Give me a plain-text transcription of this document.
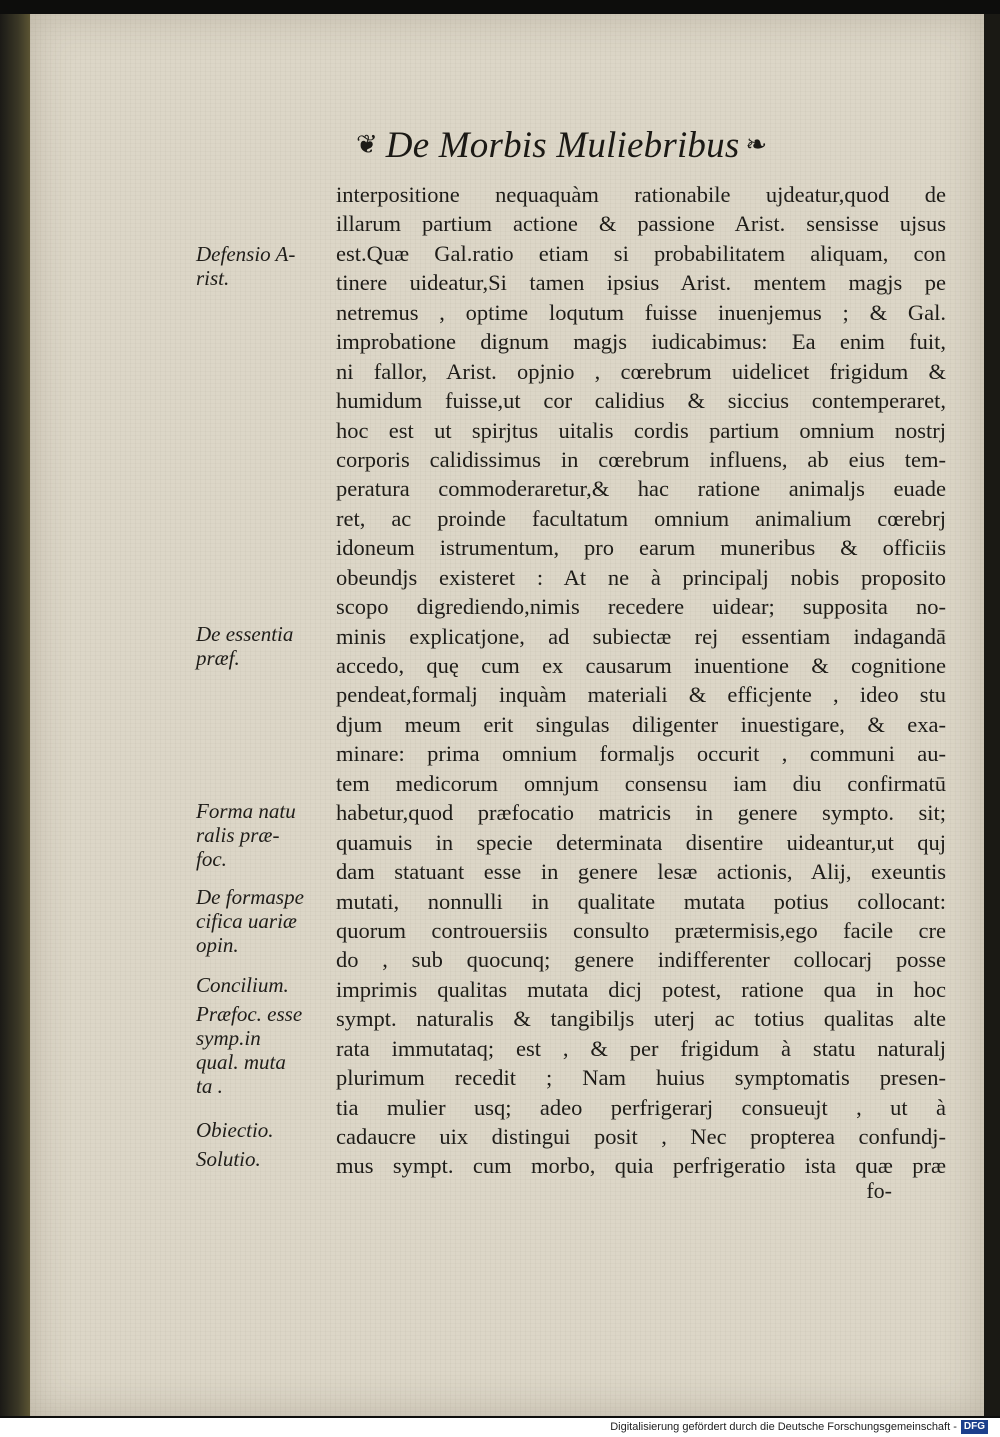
❦ De Morbis Muliebribus ❧
interpositione nequaquàm rationabile ujdeatur,quod de
illarum partium actione & passione Arist. sensisse ujsus
est.Quæ Gal.ratio etiam si probabilitatem aliquam, con
tinere uideatur,Si tamen ipsius Arist. mentem magjs pe
netremus , optime loqutum fuisse inuenjemus ; & Gal.
improbatione dignum magjs iudicabimus: Ea enim fuit,
ni fallor, Arist. opjnio , cœrebrum uidelicet frigidum &
humidum fuisse,ut cor calidius & siccius contemperaret,
hoc est ut spirjtus uitalis cordis partium omnium nostrj
corporis calidissimus in cœrebrum influens, ab eius tem-
peratura commoderaretur,& hac ratione animaljs euade
ret, ac proinde facultatum omnium animalium cœrebrj
idoneum istrumentum, pro earum muneribus & officiis
obeundjs existeret : At ne à principalj nobis proposito
scopo digrediendo,nimis recedere uidear; supposita no-
minis explicatjone, ad subiectæ rej essentiam indagandā
accedo, quę cum ex causarum inuentione & cognitione
pendeat,formalj inquàm materiali & efficjente , ideo stu
djum meum erit singulas diligenter inuestigare, & exa-
minare: prima omnium formaljs occurit , communi au-
tem medicorum omnjum consensu iam diu confirmatū
habetur,quod præfocatio matricis in genere sympto. sit;
quamuis in specie determinata disentire uideantur,ut quj
dam statuant esse in genere lesæ actionis, Alij, exeuntis
mutati, nonnulli in qualitate mutata potius collocant:
quorum controuersiis consulto prætermisis,ego facile cre
do , sub quocunq; genere indifferenter collocarj posse
imprimis qualitas mutata dicj potest, ratione qua in hoc
sympt. naturalis & tangibiljs uterj ac totius qualitas alte
rata immutataq; est , & per frigidum à statu naturalj
plurimum recedit ; Nam huius symptomatis presen-
tia mulier usq; adeo perfrigerarj consueujt , ut à
cadaucre uix distingui posit , Nec propterea confundj-
mus sympt. cum morbo, quia perfrigeratio ista quæ præ
fo-
Defensio A-
rist.
De essentia
præf.
Forma natu
ralis præ-
foc.
De formaspe
cifica uariæ
opin.
Concilium.
Præfoc. esse
symp.in
qual. muta
ta .
Obiectio.
Solutio.
Digitalisierung gefördert durch die Deutsche Forschungsgemeinschaft - DFG
